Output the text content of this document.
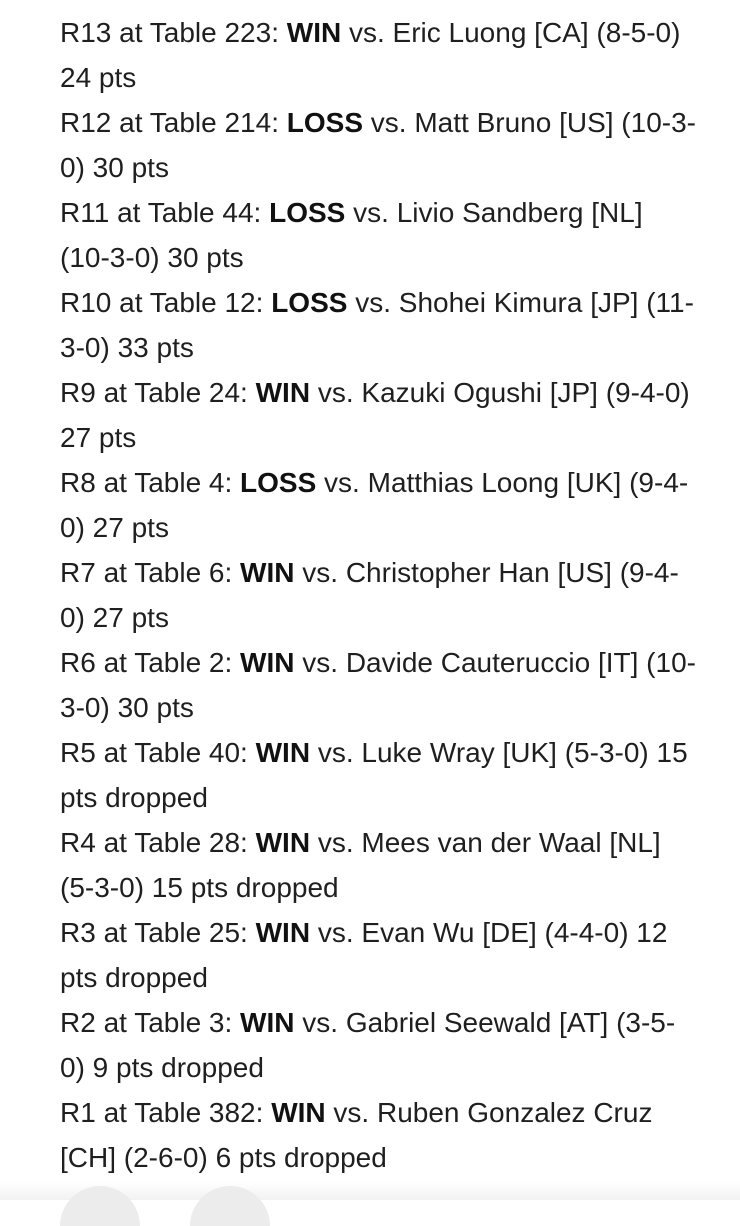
R13 at Table 223: WIN vs. Eric Luong [CA] (8-5-0) 24 pts
R12 at Table 214: LOSS vs. Matt Bruno [US] (10-3-0) 30 pts
R11 at Table 44: LOSS vs. Livio Sandberg [NL] (10-3-0) 30 pts
R10 at Table 12: LOSS vs. Shohei Kimura [JP] (11-3-0) 33 pts
R9 at Table 24: WIN vs. Kazuki Ogushi [JP] (9-4-0) 27 pts
R8 at Table 4: LOSS vs. Matthias Loong [UK] (9-4-0) 27 pts
R7 at Table 6: WIN vs. Christopher Han [US] (9-4-0) 27 pts
R6 at Table 2: WIN vs. Davide Cauteruccio [IT] (10-3-0) 30 pts
R5 at Table 40: WIN vs. Luke Wray [UK] (5-3-0) 15 pts dropped
R4 at Table 28: WIN vs. Mees van der Waal [NL] (5-3-0) 15 pts dropped
R3 at Table 25: WIN vs. Evan Wu [DE] (4-4-0) 12 pts dropped
R2 at Table 3: WIN vs. Gabriel Seewald [AT] (3-5-0) 9 pts dropped
R1 at Table 382: WIN vs. Ruben Gonzalez Cruz [CH] (2-6-0) 6 pts dropped
